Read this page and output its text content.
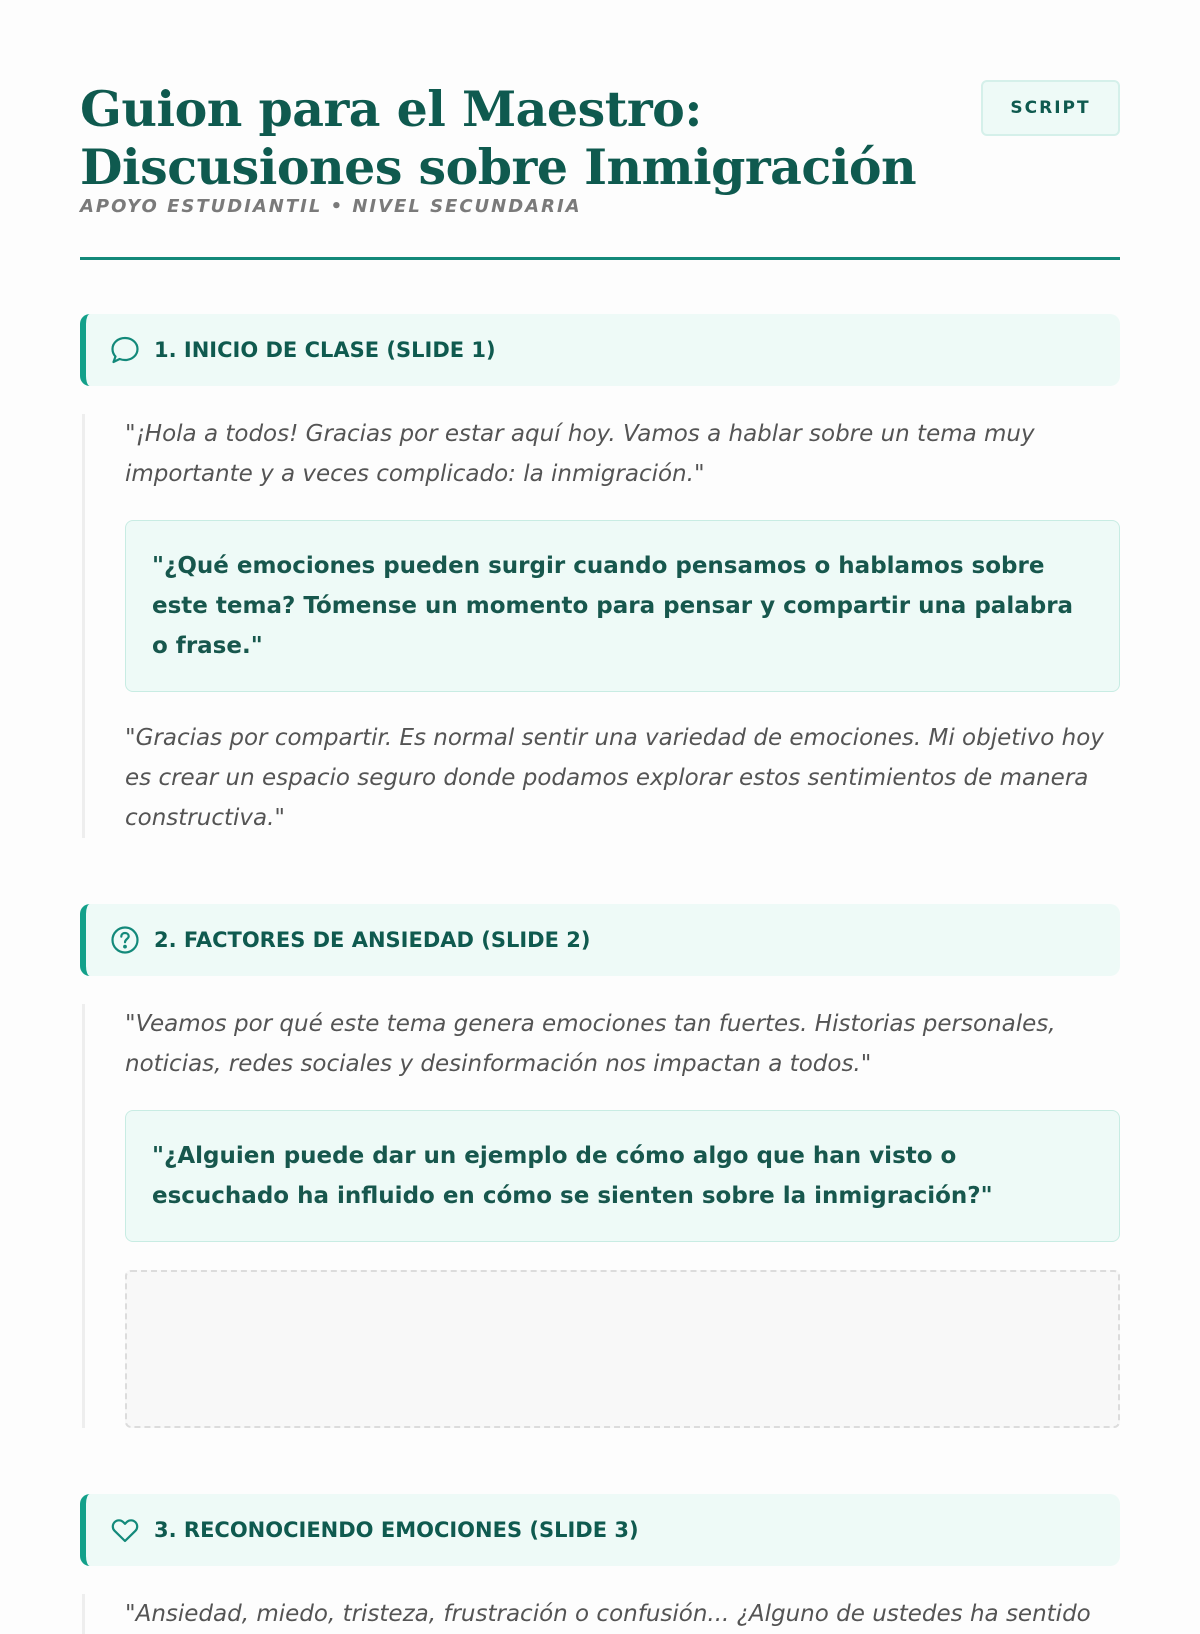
Guion para el Maestro: Discusiones sobre Inmigración
APOYO ESTUDIANTIL • NIVEL SECUNDARIA
SCRIPT
1. INICIO DE CLASE (SLIDE 1)

"¡Hola a todos! Gracias por estar aquí hoy. Vamos a hablar sobre un tema muy importante y a veces complicado: la inmigración."

"¿Qué emociones pueden surgir cuando pensamos o hablamos sobre este tema? Tómense un momento para pensar y compartir una palabra o frase."

"Gracias por compartir. Es normal sentir una variedad de emociones. Mi objetivo hoy es crear un espacio seguro donde podamos explorar estos sentimientos de manera constructiva."

2. FACTORES DE ANSIEDAD (SLIDE 2)

"Veamos por qué este tema genera emociones tan fuertes. Historias personales, noticias, redes sociales y desinformación nos impactan a todos."

"¿Alguien puede dar un ejemplo de cómo algo que han visto o escuchado ha influido en cómo se sienten sobre la inmigración?"
3. RECONOCIENDO EMOCIONES (SLIDE 3)

"Ansiedad, miedo, tristeza, frustración o confusión... ¿Alguno de ustedes ha sentido
